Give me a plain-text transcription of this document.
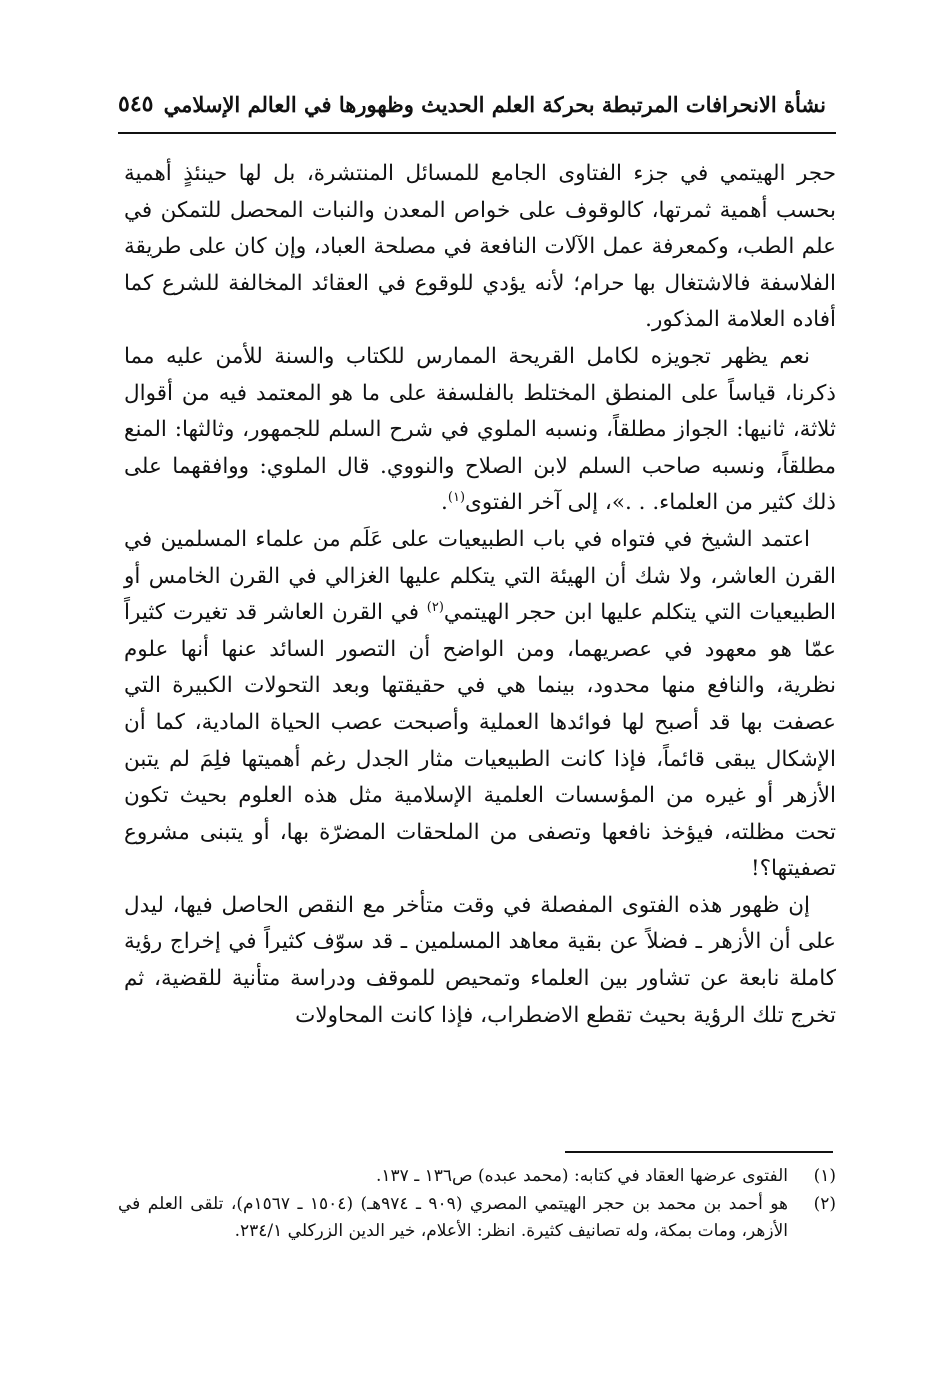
نشأة الانحرافات المرتبطة بحركة العلم الحديث وظهورها في العالم الإسلامي
٥٤٥

حجر الهيتمي في جزء الفتاوى الجامع للمسائل المنتشرة، بل لها حينئذٍ أهمية بحسب أهمية ثمرتها، كالوقوف على خواص المعدن والنبات المحصل للتمكن في علم الطب، وكمعرفة عمل الآلات النافعة في مصلحة العباد، وإن كان على طريقة الفلاسفة فالاشتغال بها حرام؛ لأنه يؤدي للوقوع في العقائد المخالفة للشرع كما أفاده العلامة المذكور.

نعم يظهر تجويزه لكامل القريحة الممارس للكتاب والسنة للأمن عليه مما ذكرنا، قياساً على المنطق المختلط بالفلسفة على ما هو المعتمد فيه من أقوال ثلاثة، ثانيها: الجواز مطلقاً، ونسبه الملوي في شرح السلم للجمهور، وثالثها: المنع مطلقاً، ونسبه صاحب السلم لابن الصلاح والنووي. قال الملوي: ووافقهما على ذلك كثير من العلماء. . .»، إلى آخر الفتوى$^{(١)}$.

اعتمد الشيخ في فتواه في باب الطبيعيات على عَلَم من علماء المسلمين في القرن العاشر، ولا شك أن الهيئة التي يتكلم عليها الغزالي في القرن الخامس أو الطبيعيات التي يتكلم عليها ابن حجر الهيتمي$^{(٢)}$ في القرن العاشر قد تغيرت كثيراً عمّا هو معهود في عصريهما، ومن الواضح أن التصور السائد عنها أنها علوم نظرية، والنافع منها محدود، بينما هي في حقيقتها وبعد التحولات الكبيرة التي عصفت بها قد أصبح لها فوائدها العملية وأصبحت عصب الحياة المادية، كما أن الإشكال يبقى قائماً، فإذا كانت الطبيعيات مثار الجدل رغم أهميتها فلِمَ لم يتبن الأزهر أو غيره من المؤسسات العلمية الإسلامية مثل هذه العلوم بحيث تكون تحت مظلته، فيؤخذ نافعها وتصفى من الملحقات المضرّة بها، أو يتبنى مشروع تصفيتها؟!

إن ظهور هذه الفتوى المفصلة في وقت متأخر مع النقص الحاصل فيها، ليدل على أن الأزهر ـ فضلاً عن بقية معاهد المسلمين ـ قد سوّف كثيراً في إخراج رؤية كاملة نابعة عن تشاور بين العلماء وتمحيص للموقف ودراسة متأنية للقضية، ثم تخرج تلك الرؤية بحيث تقطع الاضطراب، فإذا كانت المحاولات

(١)
الفتوى عرضها العقاد في كتابه: (محمد عبده) ص١٣٦ ـ ١٣٧.
(٢)
هو أحمد بن محمد بن حجر الهيتمي المصري (٩٠٩ ـ ٩٧٤هـ) (١٥٠٤ ـ ١٥٦٧م)، تلقى العلم في الأزهر، ومات بمكة، وله تصانيف كثيرة. انظر: الأعلام، خير الدين الزركلي ٢٣٤/١.
